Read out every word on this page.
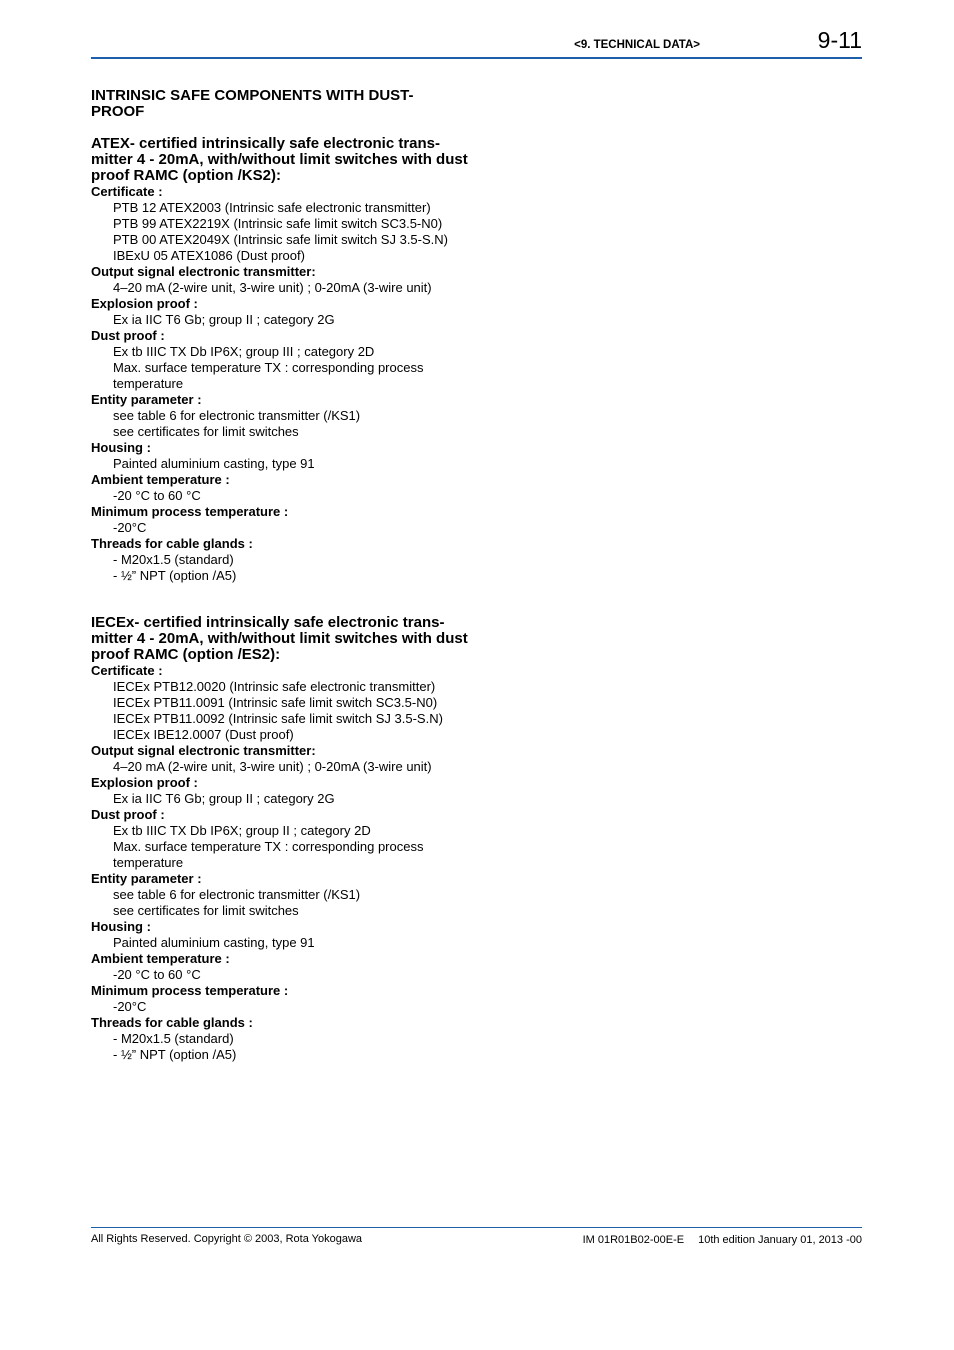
<9. TECHNICAL DATA>	9-11
INTRINSIC SAFE COMPONENTS WITH DUST-PROOF
ATEX- certified intrinsically safe electronic trans-mitter 4 - 20mA, with/without limit switches with dust proof RAMC (option /KS2):
Certificate :
PTB 12 ATEX2003 (Intrinsic safe electronic transmitter)
PTB 99 ATEX2219X (Intrinsic safe limit switch SC3.5-N0)
PTB 00 ATEX2049X (Intrinsic safe limit switch SJ 3.5-S.N)
IBExU 05 ATEX1086 (Dust proof)
Output signal electronic transmitter:
4–20 mA (2-wire unit, 3-wire unit) ; 0-20mA (3-wire unit)
Explosion proof :
Ex ia IIC T6 Gb; group II ; category 2G
Dust proof :
Ex tb IIIC TX Db IP6X; group III ; category 2D
Max. surface temperature TX : corresponding process
temperature
Entity parameter :
see table 6 for electronic transmitter (/KS1)
see certificates for limit switches
Housing :
Painted aluminium casting, type 91
Ambient temperature :
-20 °C to 60 °C
Minimum process temperature :
-20°C
Threads for cable glands :
- M20x1.5 (standard)
- ½” NPT (option /A5)
IECEx- certified intrinsically safe electronic trans-mitter 4 - 20mA, with/without limit switches with dust proof RAMC (option /ES2):
Certificate :
IECEx PTB12.0020 (Intrinsic safe electronic transmitter)
IECEx PTB11.0091 (Intrinsic safe limit switch SC3.5-N0)
IECEx PTB11.0092 (Intrinsic safe limit switch SJ 3.5-S.N)
IECEx IBE12.0007 (Dust proof)
Output signal electronic transmitter:
4–20 mA (2-wire unit, 3-wire unit) ; 0-20mA (3-wire unit)
Explosion proof :
Ex ia IIC T6 Gb; group II ; category 2G
Dust proof :
Ex tb IIIC TX Db IP6X; group II ; category 2D
Max. surface temperature TX : corresponding process
temperature
Entity parameter :
see table 6 for electronic transmitter (/KS1)
see certificates for limit switches
Housing :
Painted aluminium casting, type 91
Ambient temperature :
-20 °C to 60 °C
Minimum process temperature :
-20°C
Threads for cable glands :
- M20x1.5 (standard)
- ½” NPT (option /A5)
All Rights Reserved. Copyright © 2003, Rota Yokogawa	IM 01R01B02-00E-E 10th edition January 01, 2013 -00
